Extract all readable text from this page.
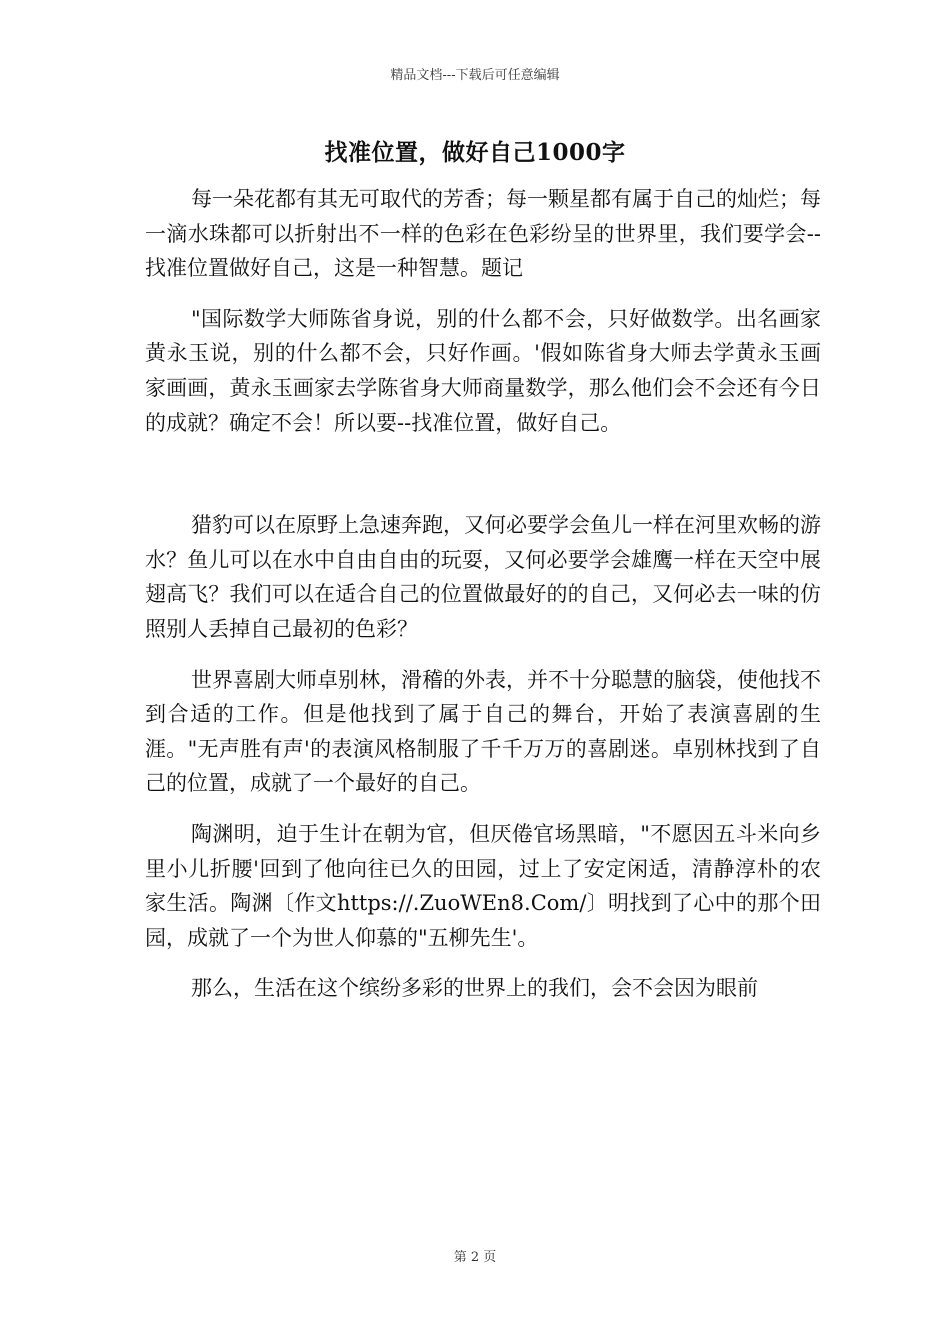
精品文档---下载后可任意编辑
找准位置，做好自己1000字

每一朵花都有其无可取代的芳香；每一颗星都有属于自己的灿烂；每一滴水珠都可以折射出不一样的色彩在色彩纷呈的世界里，我们要学会--找准位置做好自己，这是一种智慧。题记

"国际数学大师陈省身说，别的什么都不会，只好做数学。出名画家黄永玉说，别的什么都不会，只好作画。'假如陈省身大师去学黄永玉画家画画，黄永玉画家去学陈省身大师商量数学，那么他们会不会还有今日的成就？确定不会！所以要--找准位置，做好自己。

猎豹可以在原野上急速奔跑，又何必要学会鱼儿一样在河里欢畅的游水？鱼儿可以在水中自由自由的玩耍，又何必要学会雄鹰一样在天空中展翅高飞？我们可以在适合自己的位置做最好的的自己，又何必去一味的仿照别人丢掉自己最初的色彩？

世界喜剧大师卓别林，滑稽的外表，并不十分聪慧的脑袋，使他找不到合适的工作。但是他找到了属于自己的舞台，开始了表演喜剧的生涯。"无声胜有声'的表演风格制服了千千万万的喜剧迷。卓别林找到了自己的位置，成就了一个最好的自己。

陶渊明，迫于生计在朝为官，但厌倦官场黑暗，"不愿因五斗米向乡里小儿折腰'回到了他向往已久的田园，过上了安定闲适，清静淳朴的农家生活。陶渊〔作文https://.ZuoWEn8.Com/〕明找到了心中的那个田园，成就了一个为世人仰慕的"五柳先生'。

那么，生活在这个缤纷多彩的世界上的我们，会不会因为眼前

第 2 页
